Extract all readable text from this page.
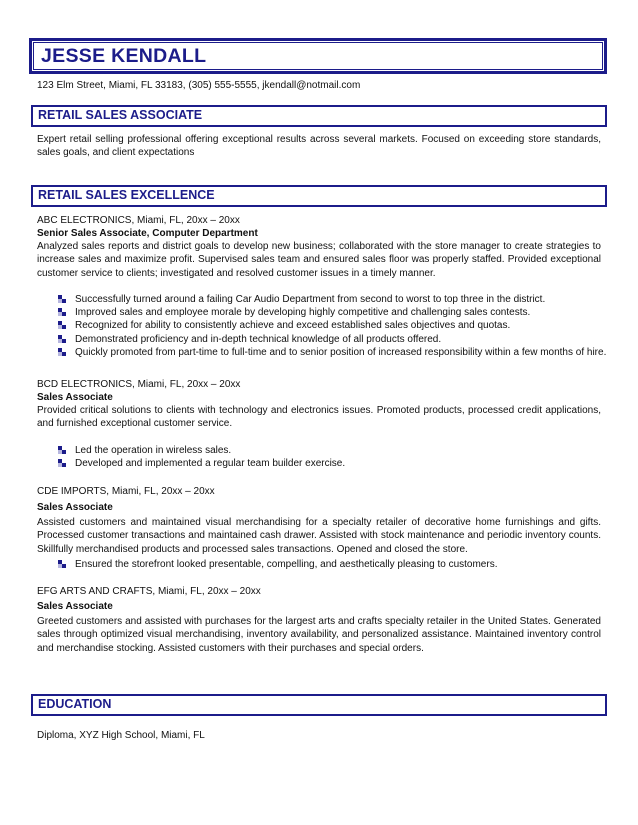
JESSE KENDALL
123 Elm Street, Miami, FL 33183, (305) 555-5555, jkendall@notmail.com
RETAIL SALES ASSOCIATE
Expert retail selling professional offering exceptional results across several markets. Focused on exceeding store standards, sales goals, and client expectations
RETAIL SALES EXCELLENCE
ABC ELECTRONICS, Miami, FL, 20xx – 20xx
Senior Sales Associate, Computer Department
Analyzed sales reports and district goals to develop new business; collaborated with the store manager to create strategies to increase sales and maximize profit. Supervised sales team and ensured sales floor was properly staffed. Provided exceptional customer service to clients; investigated and resolved customer issues in a timely manner.
Successfully turned around a failing Car Audio Department from second to worst to top three in the district.
Improved sales and employee morale by developing highly competitive and challenging sales contests.
Recognized for ability to consistently achieve and exceed established sales objectives and quotas.
Demonstrated proficiency and in-depth technical knowledge of all products offered.
Quickly promoted from part-time to full-time and to senior position of increased responsibility within a few months of hire.
BCD ELECTRONICS, Miami, FL, 20xx – 20xx
Sales Associate
Provided critical solutions to clients with technology and electronics issues. Promoted products, processed credit applications, and furnished exceptional customer service.
Led the operation in wireless sales.
Developed and implemented a regular team builder exercise.
CDE IMPORTS, Miami, FL, 20xx – 20xx
Sales Associate
Assisted customers and maintained visual merchandising for a specialty retailer of decorative home furnishings and gifts. Processed customer transactions and maintained cash drawer. Assisted with stock maintenance and periodic inventory counts. Skillfully merchandised products and processed sales transactions. Opened and closed the store.
Ensured the storefront looked presentable, compelling, and aesthetically pleasing to customers.
EFG ARTS AND CRAFTS, Miami, FL, 20xx – 20xx
Sales Associate
Greeted customers and assisted with purchases for the largest arts and crafts specialty retailer in the United States. Generated sales through optimized visual merchandising, inventory availability, and personalized assistance. Maintained inventory control and merchandise stocking. Assisted customers with their purchases and special orders.
EDUCATION
Diploma, XYZ High School, Miami, FL
